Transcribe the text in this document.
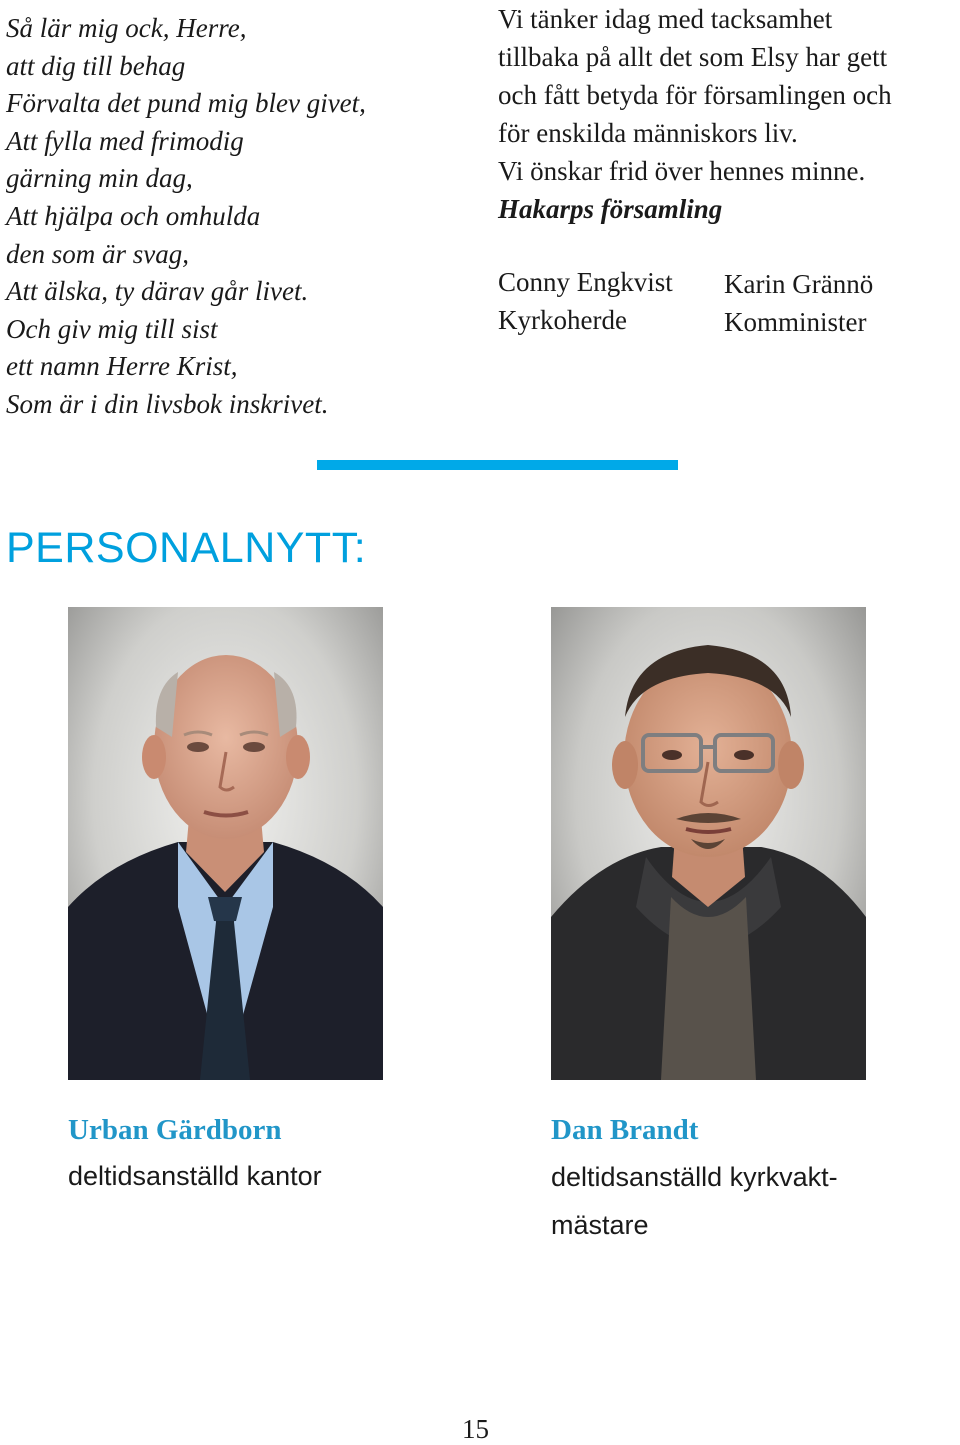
Så lär mig ock, Herre,
att dig till behag
Förvalta det pund mig blev givet,
Att fylla med frimodig
gärning min dag,
Att hjälpa och omhulda
den som är svag,
Att älska, ty därav går livet.
Och giv mig till sist
ett namn Herre Krist,
Som är i din livsbok inskrivet.
Vi tänker idag med tacksamhet
tillbaka på allt det som Elsy har gett
och fått betyda för församlingen och
för enskilda människors liv.
Vi önskar frid över hennes minne.
Hakarps församling
Conny Engkvist
Kyrkoherde
Karin Grännö
Komminister
PERSONALNYTT:
Urban Gärdborn
deltidsanställd kantor
Dan Brandt
deltidsanställd kyrkvakt-mästare
15
